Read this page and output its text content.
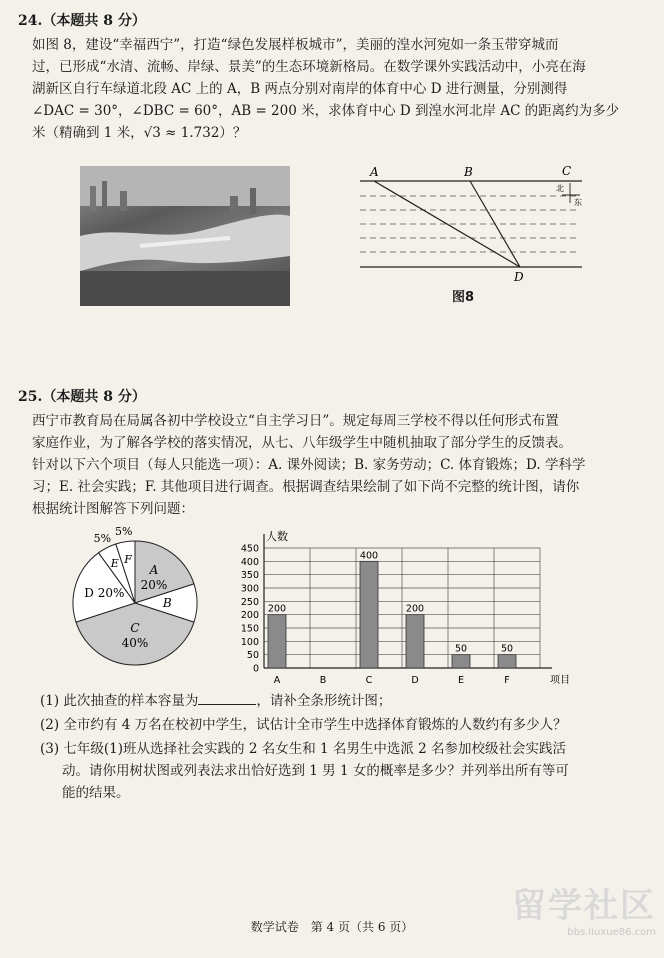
24.（本题共 8 分）
如图 8，建设“幸福西宁”，打造“绿色发展样板城市”，美丽的湟水河宛如一条玉带穿城而
过，已形成“水清、流畅、岸绿、景美”的生态环境新格局。在数学课外实践活动中，小亮在海
湖新区自行车绿道北段 AC 上的 A，B 两点分别对南岸的体育中心 D 进行测量，分别测得
∠DAC = 30°，∠DBC = 60°，AB = 200 米，求体育中心 D 到湟水河北岸 AC 的距离约为多少
米（精确到 1 米，√3 ≈ 1.732）？
A	B	C
D
北
东
图8
25.（本题共 8 分）
西宁市教育局在局属各初中学校设立“自主学习日”。规定每周三学校不得以任何形式布置
家庭作业，为了解各学校的落实情况，从七、八年级学生中随机抽取了部分学生的反馈表。
针对以下六个项目（每人只能选一项）：A. 课外阅读；B. 家务劳动；C. 体育锻炼；D. 学科学
习；E. 社会实践；F. 其他项目进行调查。根据调查结果绘制了如下尚不完整的统计图，请你
根据统计图解答下列问题：
A
20%
B
C
40%
D 20%
E
5%
F
5%
0
50
100
150
200
250
300
350
400
450
人数
项目
A
200
B	C
400
D
200
E
50
F
50
(1) 此次抽查的样本容量为	，请补全条形统计图；
(2) 全市约有 4 万名在校初中学生，试估计全市学生中选择体育锻炼的人数约有多少人？
(3) 七年级(1)班从选择社会实践的 2 名女生和 1 名男生中选派 2 名参加校级社会实践活
动。请你用树状图或列表法求出恰好选到 1 男 1 女的概率是多少？并列举出所有等可
能的结果。
数学试卷　第 4 页（共 6 页）
留学社区
bbs.liuxue86.com
